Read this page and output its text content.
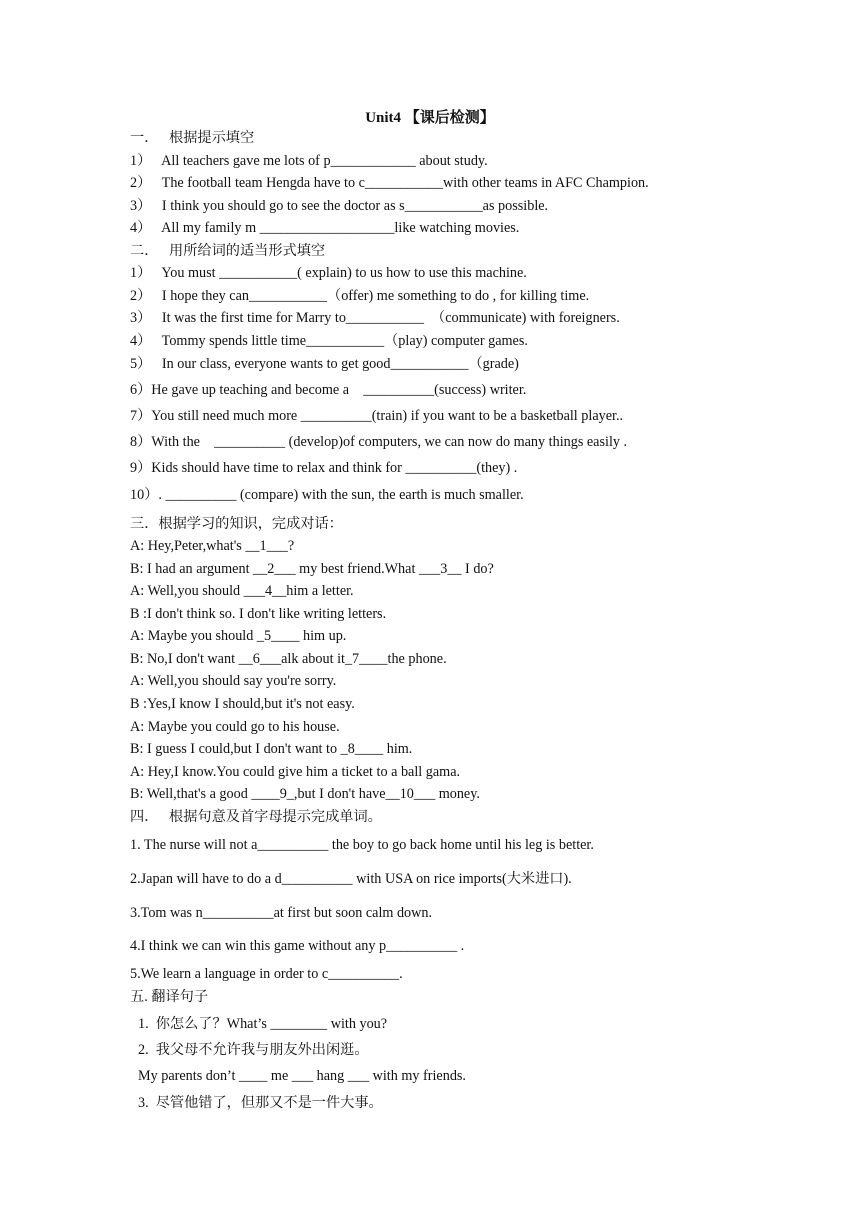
Unit4 【课后检测】
一．   根据提示填空
1）   All teachers gave me lots of p____________ about study.
2）   The football team Hengda have to c___________with other teams in AFC Champion.
3）   I think you should go to see the doctor as s___________as possible.
4）   All my family m ___________________like watching movies.
二．   用所给词的适当形式填空
1）   You must ___________( explain) to us how to use this machine.
2）   I hope they can___________（offer) me something to do , for killing time.
3）   It was the first time for Marry to___________  （communicate) with foreigners.
4）   Tommy spends little time___________（play) computer games.
5）   In our class, everyone wants to get good___________（grade)
6）He gave up teaching and become a    __________(success) writer.
7）You still need much more __________(train) if you want to be a basketball player..
8）With the    __________ (develop)of computers, we can now do many things easily .
9）Kids should have time to relax and think for __________(they) .
10）. __________ (compare) with the sun, the earth is much smaller.
三．根据学习的知识，完成对话：
A: Hey,Peter,what's __1___?
B: I had an argument __2___ my best friend.What ___3__ I do?
A: Well,you should ___4__him a letter.
B :I don't think so. I don't like writing letters.
A: Maybe you should _5____ him up.
B: No,I don't want __6___alk about it_7____the phone.
A: Well,you should say you're sorry.
B :Yes,I know I should,but it's not easy.
A: Maybe you could go to his house.
B: I guess I could,but I don't want to _8____ him.
A: Hey,I know.You could give him a ticket to a ball gama.
B: Well,that's a good ____9_,but I don't have__10___ money.
四．   根据句意及首字母提示完成单词。
1. The nurse will not a__________ the boy to go back home until his leg is better.
2.Japan will have to do a d__________ with USA on rice imports(大米进口).
3.Tom was n__________at first but soon calm down.
4.I think we can win this game without any p__________ .
5.We learn a language in order to c__________.
五. 翻译句子
1.  你怎么了？What’s ________ with you?
2.  我父母不允许我与朋友外出闲逛。
My parents don’t ____ me ___ hang ___ with my friends.
3.  尽管他错了，但那又不是一件大事。
